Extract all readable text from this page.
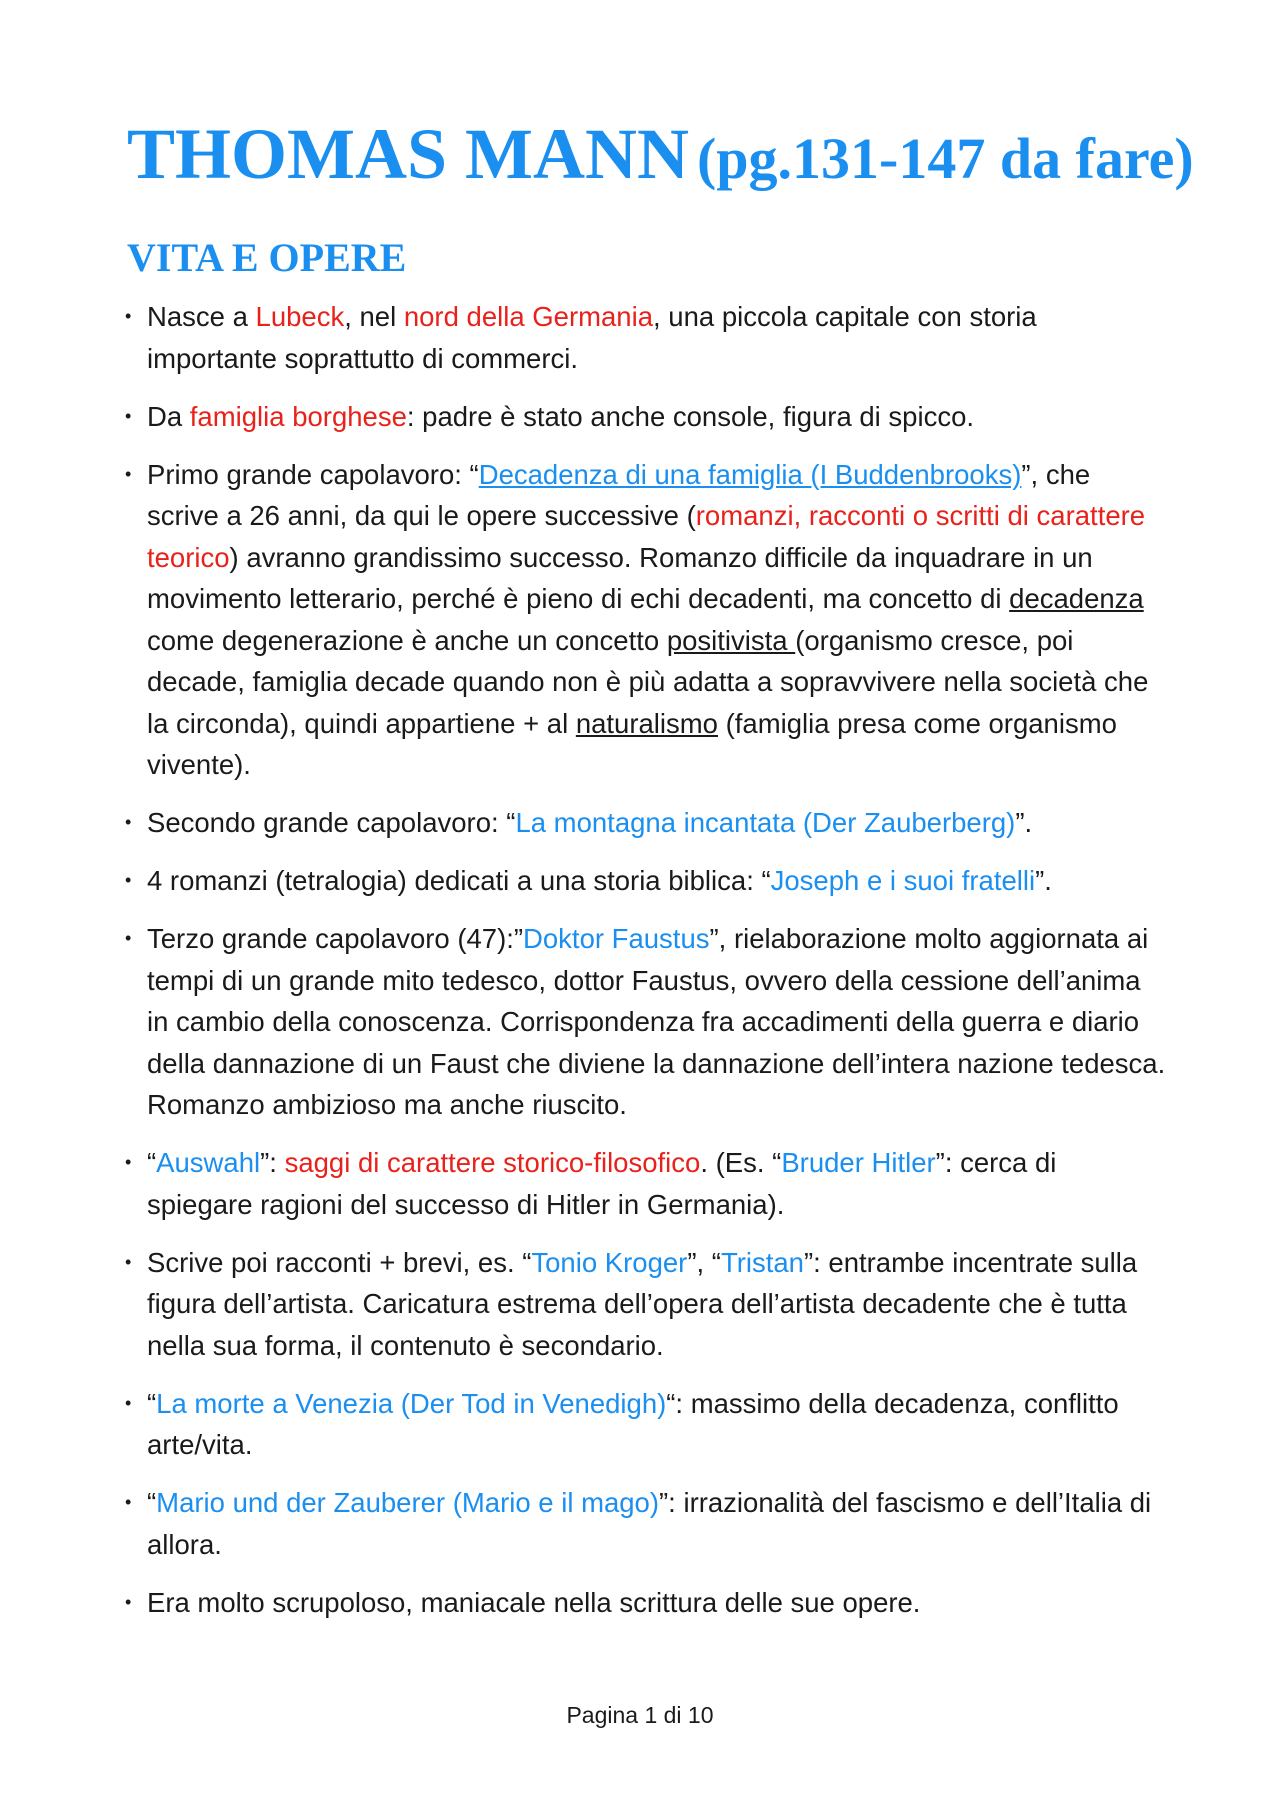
THOMAS MANN (pg.131-147 da fare)
VITA E OPERE
• Nasce a Lubeck, nel nord della Germania, una piccola capitale con storia importante soprattutto di commerci.
• Da famiglia borghese: padre è stato anche console, figura di spicco.
• Primo grande capolavoro: “Decadenza di una famiglia (I Buddenbrooks)”, che scrive a 26 anni, da qui le opere successive (romanzi, racconti o scritti di carattere teorico) avranno grandissimo successo. Romanzo difficile da inquadrare in un movimento letterario, perché è pieno di echi decadenti, ma concetto di decadenza come degenerazione è anche un concetto positivista (organismo cresce, poi decade, famiglia decade quando non è più adatta a sopravvivere nella società che la circonda), quindi appartiene + al naturalismo (famiglia presa come organismo vivente).
• Secondo grande capolavoro: “La montagna incantata (Der Zauberberg)”.
• 4 romanzi (tetralogia) dedicati a una storia biblica: “Joseph e i suoi fratelli”.
• Terzo grande capolavoro (47):”Doktor Faustus”, rielaborazione molto aggiornata ai tempi di un grande mito tedesco, dottor Faustus, ovvero della cessione dell’anima in cambio della conoscenza. Corrispondenza fra accadimenti della guerra e diario della dannazione di un Faust che diviene la dannazione dell’intera nazione tedesca. Romanzo ambizioso ma anche riuscito.
• “Auswahl”: saggi di carattere storico-filosofico. (Es. “Bruder Hitler”: cerca di spiegare ragioni del successo di Hitler in Germania).
• Scrive poi racconti + brevi, es. “Tonio Kroger”, “Tristan”: entrambe incentrate sulla figura dell’artista. Caricatura estrema dell’opera dell’artista decadente che è tutta nella sua forma, il contenuto è secondario.
• “La morte a Venezia (Der Tod in Venedigh)“: massimo della decadenza, conflitto arte/vita.
• “Mario und der Zauberer (Mario e il mago)”: irrazionalità del fascismo e dell’Italia di allora.
• Era molto scrupoloso, maniacale nella scrittura delle sue opere.
Pagina 1 di 10
